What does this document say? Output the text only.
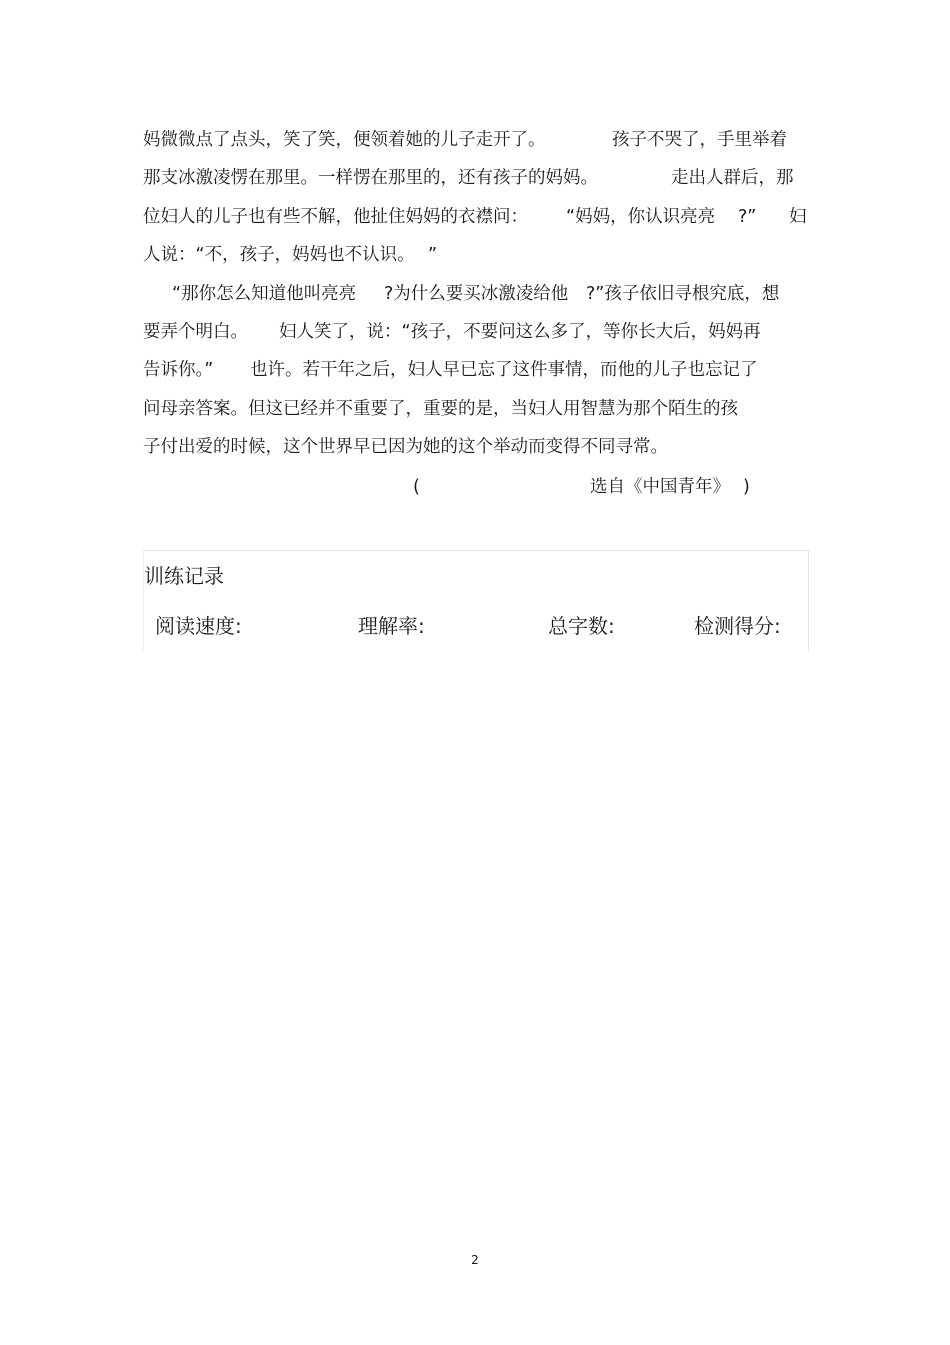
妈微微点了点头，笑了笑，便领着她的儿子走开了。	孩子不哭了，手里举着
那支冰激凌愣在那里。一样愣在那里的，还有孩子的妈妈。	走出人群后，那
位妇人的儿子也有些不解，他扯住妈妈的衣襟问： “妈妈，你认识亮亮 ?” 妇
人说：“不，孩子，妈妈也不认识。 ”
“那你怎么知道他叫亮亮 ?为什么要买冰激凌给他 ?”孩子依旧寻根究底，想
要弄个明白。 妇人笑了，说：“孩子，不要问这么多了，等你长大后，妈妈再
告诉你。” 也许。若干年之后，妇人早已忘了这件事情，而他的儿子也忘记了
问母亲答案。但这已经并不重要了，重要的是，当妇人用智慧为那个陌生的孩
子付出爱的时候，这个世界早已因为她的这个举动而变得不同寻常。
(	选自《中国青年》 )
训练记录
阅读速度:	理解率:	总字数:	检测得分:
2
